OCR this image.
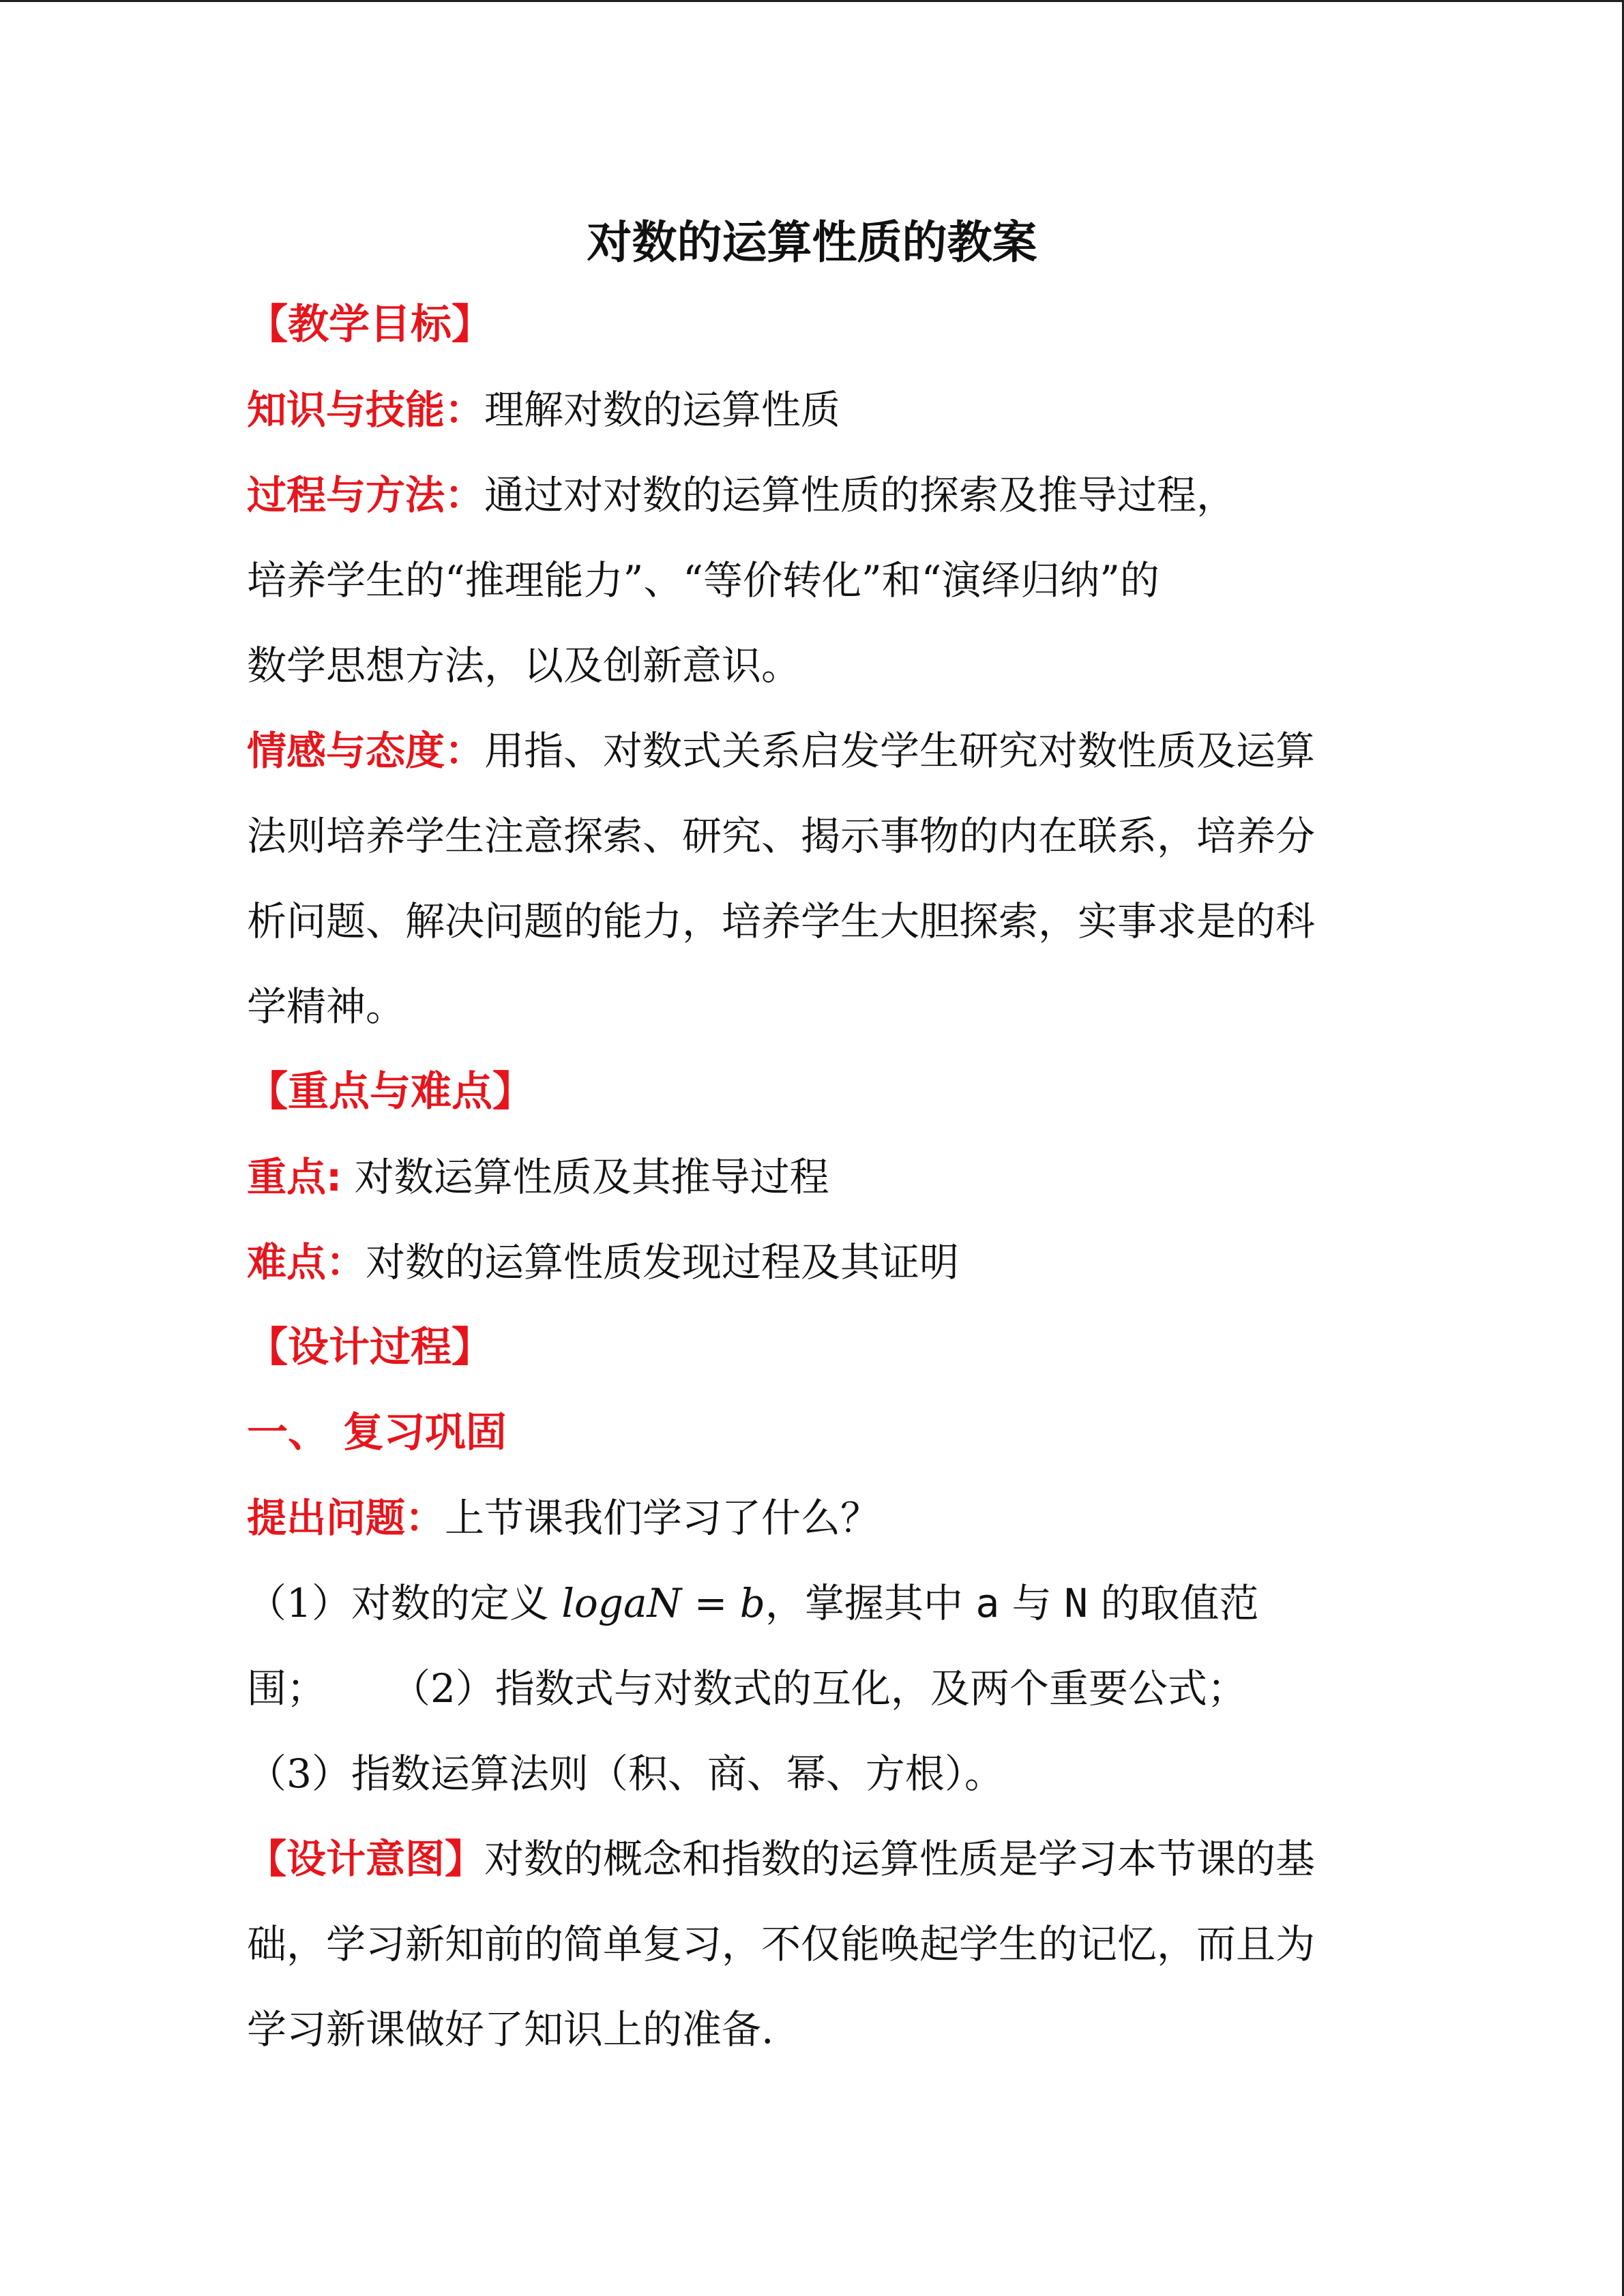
对数的运算性质的教案
【教学目标】
知识与技能：理解对数的运算性质
过程与方法：通过对对数的运算性质的探索及推导过程，
培养学生的“推理能力”、“等价转化”和“演绎归纳”的
数学思想方法，以及创新意识。
情感与态度：用指、对数式关系启发学生研究对数性质及运算
法则培养学生注意探索、研究、揭示事物的内在联系，培养分
析问题、解决问题的能力，培养学生大胆探索，实事求是的科
学精神。
【重点与难点】
重点: 对数运算性质及其推导过程
难点：对数的运算性质发现过程及其证明
【设计过程】
一、 复习巩固
提出问题：上节课我们学习了什么？
（1）对数的定义 logaN = b，掌握其中 a 与 N 的取值范
围； （2）指数式与对数式的互化，及两个重要公式；
（3）指数运算法则（积、商、幂、方根）。
【设计意图】对数的概念和指数的运算性质是学习本节课的基
础，学习新知前的简单复习，不仅能唤起学生的记忆，而且为
学习新课做好了知识上的准备.
